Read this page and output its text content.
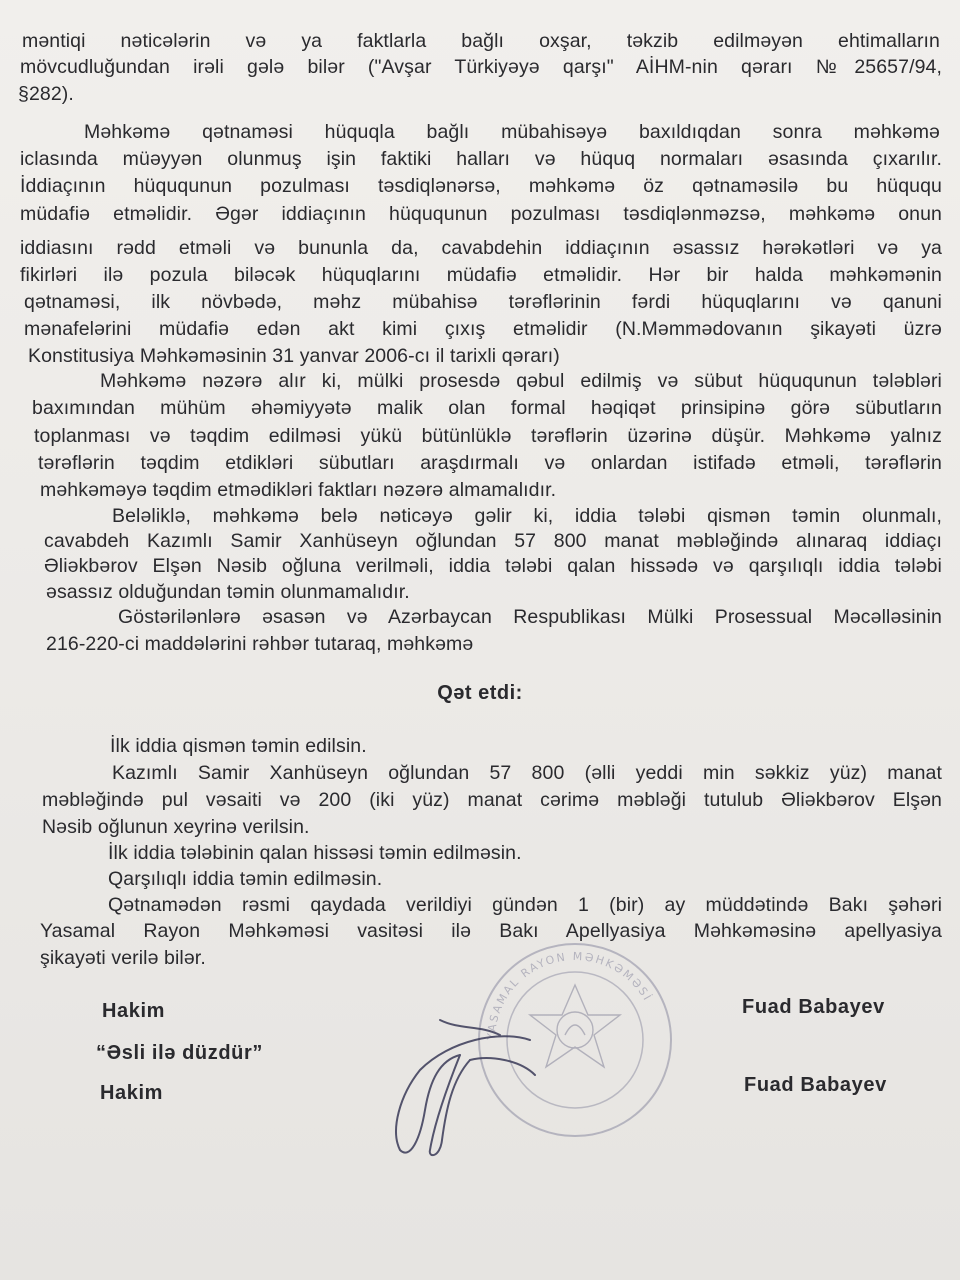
məntiqi nəticələrin və ya faktlarla bağlı oxşar, təkzib edilməyən ehtimalların
mövcudluğundan irəli gələ bilər ("Avşar Türkiyəyə qarşı" AİHM-nin qərarı №25657/94,
§282).
Məhkəmə qətnaməsi hüquqla bağlı mübahisəyə baxıldıqdan sonra məhkəmə
iclasında müəyyən olunmuş işin faktiki halları və hüquq normaları əsasında çıxarılır.
İddiaçının hüququnun pozulması təsdiqlənərsə, məhkəmə öz qətnaməsilə bu hüququ
müdafiə etməlidir. Əgər iddiaçının hüququnun pozulması təsdiqlənməzsə, məhkəmə onun
iddiasını rədd etməli və bununla da, cavabdehin iddiaçının əsassız hərəkətləri və ya
fikirləri ilə pozula biləcək hüquqlarını müdafiə etməlidir. Hər bir halda məhkəmənin
qətnaməsi, ilk növbədə, məhz mübahisə tərəflərinin fərdi hüquqlarını və qanuni
mənafelərini müdafiə edən akt kimi çıxış etməlidir (N.Məmmədovanın şikayəti üzrə
Konstitusiya Məhkəməsinin 31 yanvar 2006-cı il tarixli qərarı)
Məhkəmə nəzərə alır ki, mülki prosesdə qəbul edilmiş və sübut hüququnun tələbləri
baxımından mühüm əhəmiyyətə malik olan formal həqiqət prinsipinə görə sübutların
toplanması və təqdim edilməsi yükü bütünlüklə tərəflərin üzərinə düşür. Məhkəmə yalnız
tərəflərin təqdim etdikləri sübutları araşdırmalı və onlardan istifadə etməli, tərəflərin
məhkəməyə təqdim etmədikləri faktları nəzərə almamalıdır.
Beləliklə, məhkəmə belə nəticəyə gəlir ki, iddia tələbi qismən təmin olunmalı,
cavabdeh Kazımlı Samir Xanhüseyn oğlundan 57 800 manat məbləğində alınaraq iddiaçı
Əliəkbərov Elşən Nəsib oğluna verilməli, iddia tələbi qalan hissədə və qarşılıqlı iddia tələbi
əsassız olduğundan təmin olunmamalıdır.
Göstərilənlərə əsasən və Azərbaycan Respublikası Mülki Prosessual Məcəlləsinin
216-220-ci maddələrini rəhbər tutaraq, məhkəmə
Qət etdi:
İlk iddia qismən təmin edilsin.
Kazımlı Samir Xanhüseyn oğlundan 57 800 (əlli yeddi min səkkiz yüz) manat
məbləğində pul vəsaiti və 200 (iki yüz) manat cərimə məbləği tutulub Əliəkbərov Elşən
Nəsib oğlunun xeyrinə verilsin.
İlk iddia tələbinin qalan hissəsi təmin edilməsin.
Qarşılıqlı iddia təmin edilməsin.
Qətnamədən rəsmi qaydada verildiyi gündən 1 (bir) ay müddətində Bakı şəhəri
Yasamal Rayon Məhkəməsi vasitəsi ilə Bakı Apellyasiya Məhkəməsinə apellyasiya
şikayəti verilə bilər.
Hakim	Fuad Babayev
“Əsli ilə düzdür”
Hakim	Fuad Babayev
YASAMAL RAYON MƏHKƏMƏSİ
